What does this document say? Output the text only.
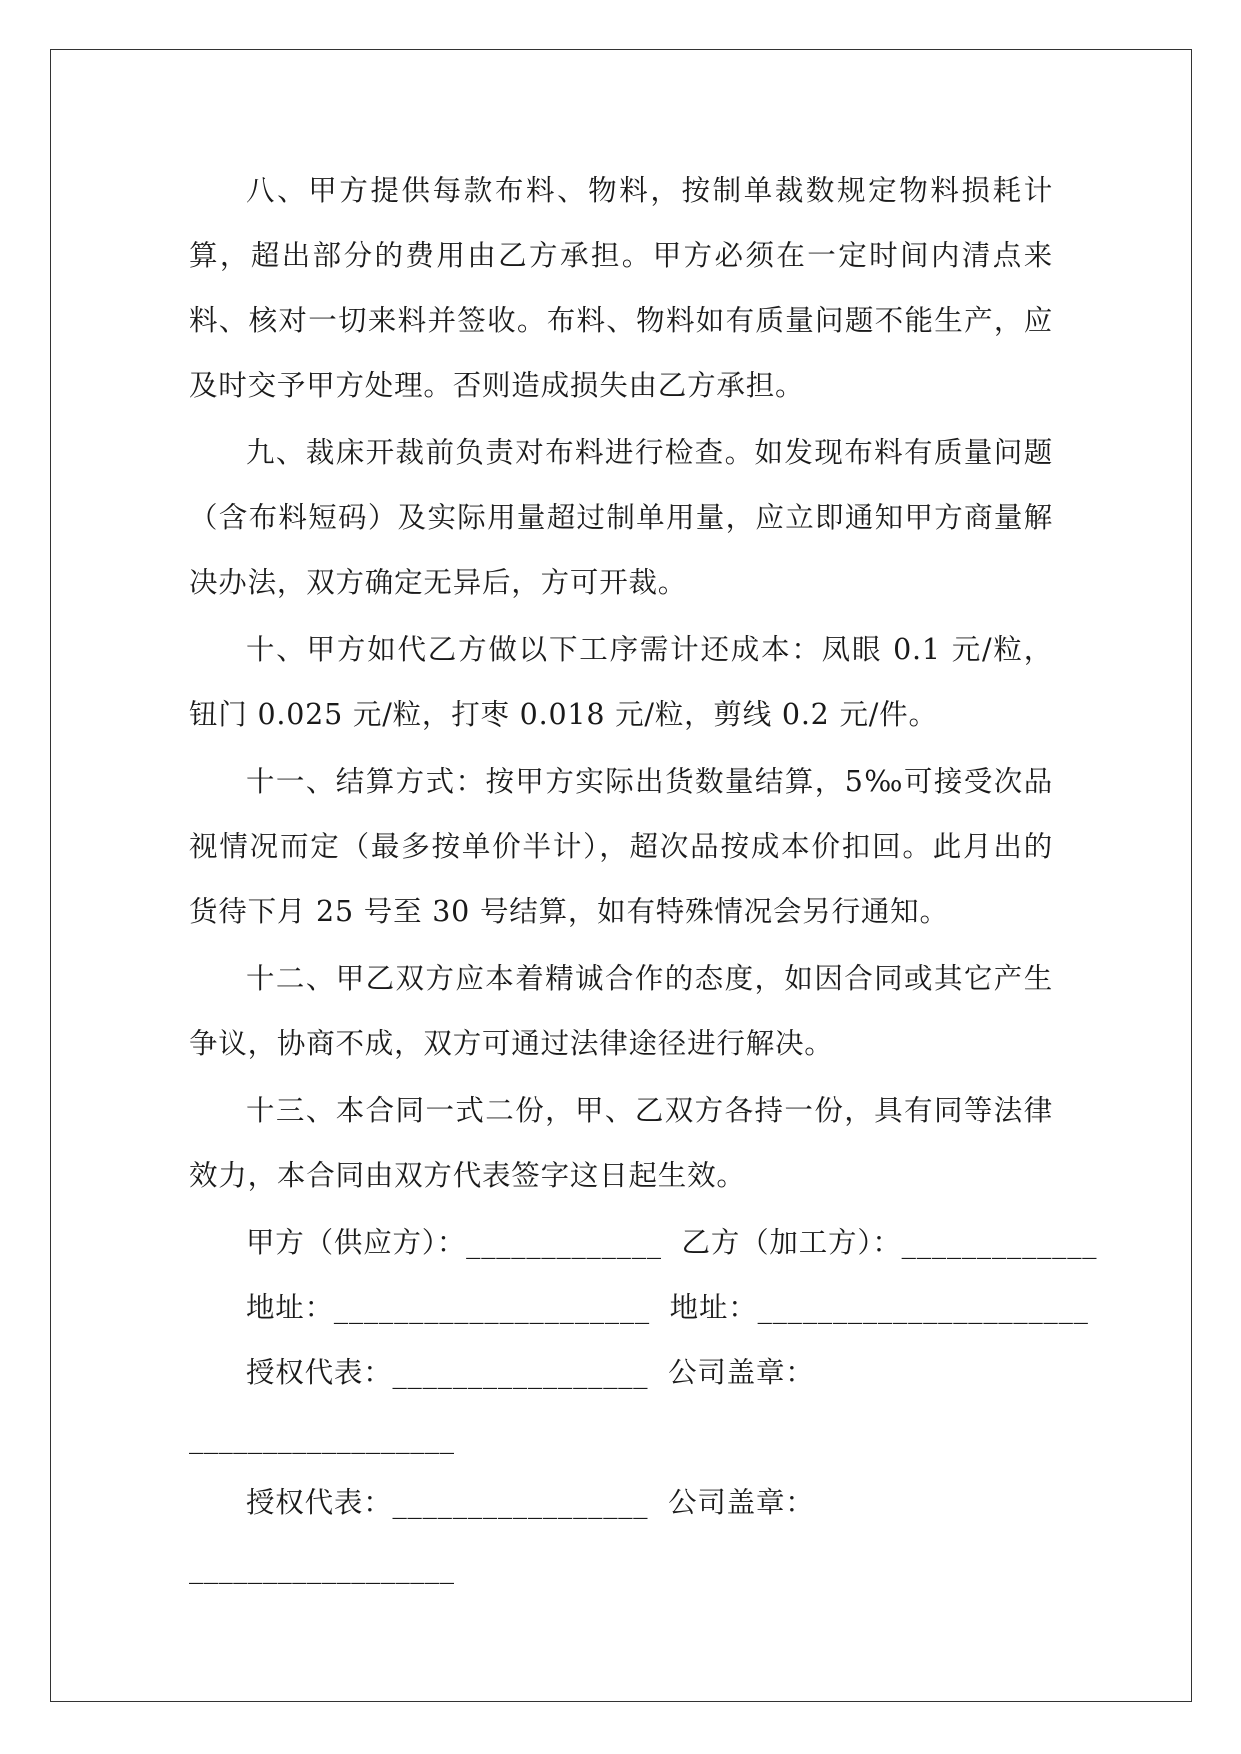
八、甲方提供每款布料、物料，按制单裁数规定物料损耗计算，超出部分的费用由乙方承担。甲方必须在一定时间内清点来料、核对一切来料并签收。布料、物料如有质量问题不能生产，应及时交予甲方处理。否则造成损失由乙方承担。

九、裁床开裁前负责对布料进行检查。如发现布料有质量问题（含布料短码）及实际用量超过制单用量，应立即通知甲方商量解决办法，双方确定无异后，方可开裁。

十、甲方如代乙方做以下工序需计还成本：凤眼 0.1 元/粒，钮门 0.025 元/粒，打枣 0.018 元/粒，剪线 0.2 元/件。

十一、结算方式：按甲方实际出货数量结算，5‰可接受次品视情况而定（最多按单价半计），超次品按成本价扣回。此月出的货待下月 25 号至 30 号结算，如有特殊情况会另行通知。

十二、甲乙双方应本着精诚合作的态度，如因合同或其它产生争议，协商不成，双方可通过法律途径进行解决。

十三、本合同一式二份，甲、乙双方各持一份，具有同等法律效力，本合同由双方代表签字这日起生效。

甲方（供应方）：_____________  乙方（加工方）：_____________

地址：_____________________  地址：______________________

授权代表：_________________  公司盖章：

__________________

授权代表：_________________  公司盖章：

__________________
